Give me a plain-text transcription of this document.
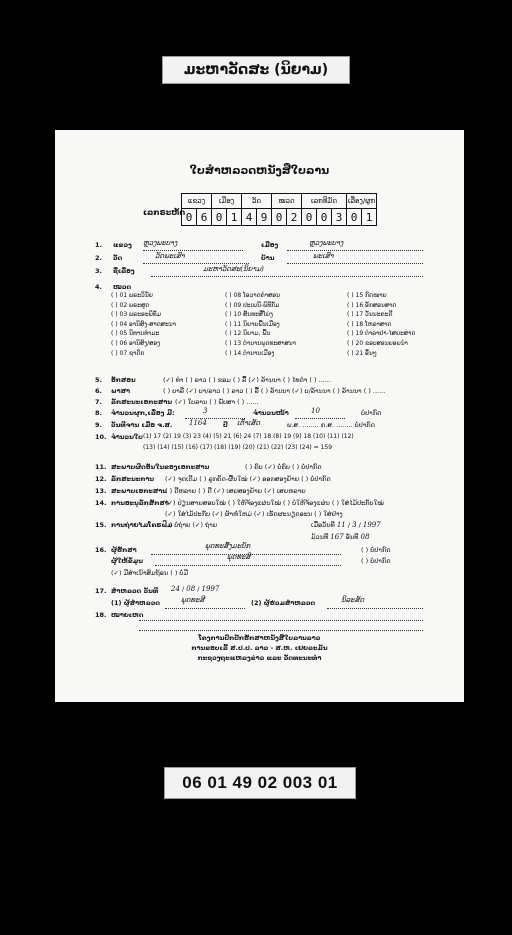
ມະຫາວັດສະ (ນິຍາມ)
ໃບສຳຫລວດຫນັງສືໃບລານ
ເລກຣະຫັດ
ແຂວງ		ເມືອງ		ວັດ		ໝວດ		ເລກທີມັດ			ເລື່ອງ/ຜູກ	
0	6	0	1	4	9	0	2	0	0	3	0	1
1. ແຂວງ ຫຼວງພະບາງ	ເມືອງ	ຫຼວງພະບາງ
2. ວັດ	ວັດພະເສົາ	ບ້ານ	ພະເສົາ
3. ຊື່ເລື່ອງ	ມະຫາວັດສະ(ນິຍາມ)
4. ໝວດ
( ) 01 ພຣະວິນັຍ
( ) 02 ພຣະສູດ
( ) 03 ພຣະອະພິທັມ
( ) 04 ອານິສົງ-ສາດສະນາ
( ) 05 ນິທານທຳມະ
( ) 06 ອານິສົງ/ສອງ
( ) 07 ຊາດົກ
( ) 08 ໂອວາດຄຳສອນ
( ) 09 ປະເພນີ-ພິທີກັມ
( ) 10 ສັນທະສື່ໂຍ່ງ
( ) 11 ນິຍາຍພື້ນເມືອງ
( ) 12 ນິຍາມ, ພື້ນ
( ) 13 ຕຳນານພຸດທະສາສນາ
( ) 14 ຕຳນານເມືອງ
( ) 15 ກົດໝາຍ
( ) 16 ອັກສອນສາດ
( ) 17 ວັນນະຄະດີ
( ) 18 ໂຫລາສາດ
( ) 19 ຕຳລາຢາ-ໄສຍະສາດ
( ) 20 ຂອບສອນຍອຍນໍາ
( ) 21 ອື່ນໆ
5. ອັກສອນ	(✓) ທຳ ( ) ລາວ ( ) ຂອມ ( ) ລື້ (✓) ລ້ານນາ ( ) ໄທດຳ ( ) ......
6. ພາສາ	( ) ບາລີ (✓) ບາ/ລາວ ( ) ລາວ ( ) ລື້ ( ) ລ້ານນາ (✓) ບ/ລ້ານນາ ( ) ລ້ານນາ ( ) ......
7. ລັກສະນະເອກະສານ (✓) ໃບລານ ( ) ພັບສາ ( ) ......
8. ຈຳນວນຜູກ,ເລື່ອງ ມີ:	3	ຈຳນວນໜ້າ	10	ບໍ່ປາກົດ
9. ວັນທີຈານ ເມື່ອ ຈ.ສ. 1164 ປີ ເຕົ່າເສັດ	ພ.ສ. ........ ຄ.ສ. ........ ບໍ່ປາກົດ
10. ຈຳນວນໃບ (1) 17 (2) 19 (3) 23 (4) (5) 21 (6) 24 (7) 18 (8) 19 (9) 18 (10) (11) (12)
(13) (14) (15) (16) (17) (18) (19) (20) (21) (22) (23) (24) = 159
11. ສະພາບຜິດອັນໃນຂອງເອກະສານ	( ) ຄົບ (✓) ບໍ່ຄົບ ( ) ບໍ່ປາກົດ
12. ລັກສະນະການ (✓) ຈຸດເຕີມ ( ) ລູກຄິດ-ຜື້ນໃໝ່ (✓) ອອກສອງຍ້າຍ ( ) ບໍ່ປາກົດ
13. ສະພາບເອກະສານ
( ) ດີຫລາຍ ( ) ດີ (✓) ເສຍສອງຍ້າຍ (✓) ເສຍຫລາຍ
14. ການອະນຸລັກສັກສາ
(✓) ປ່ຽນສາຍສອບໃໝ່ ( ) ໃຫ້ຈ້ອງແຜ່ນໃໝ່ ( ) ບໍ່ໃຫ້ຈ້ອງແຜ່ນ ( ) ໃສ່ໄມ້ປະກັບໃໝ່
(✓) ໃສ່ໄມ້ປະກັບ (✓) ຜ້າຫໍ່ໃຫມ່ (✓) ເຮັດຜະນຽດອະນ ( ) ໃສ່ຢ່າງ
15. ການຖ່າຍໄມໂຄຣຟິມ
( ) ບໍ່ຖ່າຍ (✓) ຖ່າຍ	ເມື່ອວັນທີ 11 / 3 / 1997
ມ້ວນທີ 167 ອັນທີ 08
16. ຜູ້ຮັກສາ	ພຸດທະສົ້ງມະບັກ	( ) ບໍ່ປາກົດ
ຜູ້ໃຫ້ຂໍ້ມູນ	ພຸດທະສີ	( ) ບໍ່ປາກົດ
(✓) ມີສຳເນົາສົມຖ້ອນ ( ) ບໍ່ມີ
17. ສຳຫລວດ ວັນທີ 24 / 08 / 1997
(1) ຜູ້ສຳຫລວດ	ພຸດທະສີ	(2) ຜູ້ຮ່ວມສຳຫລວດ	ນິລະສັດ
18. ໝາຍເຫດ
ໂຄງການປົກປັກຮັກສາຫນັງສືໃບລານລາວ
ການຂອບເລີ້ ສ.ປ.ປ. ລາວ - ສ.ຫ. ເຢຍລະມັນ
ກະຊວງຖະແຫລງຂ່າວ ແລະ ວັດທະນະທຳ
06 01 49 02 003 01
